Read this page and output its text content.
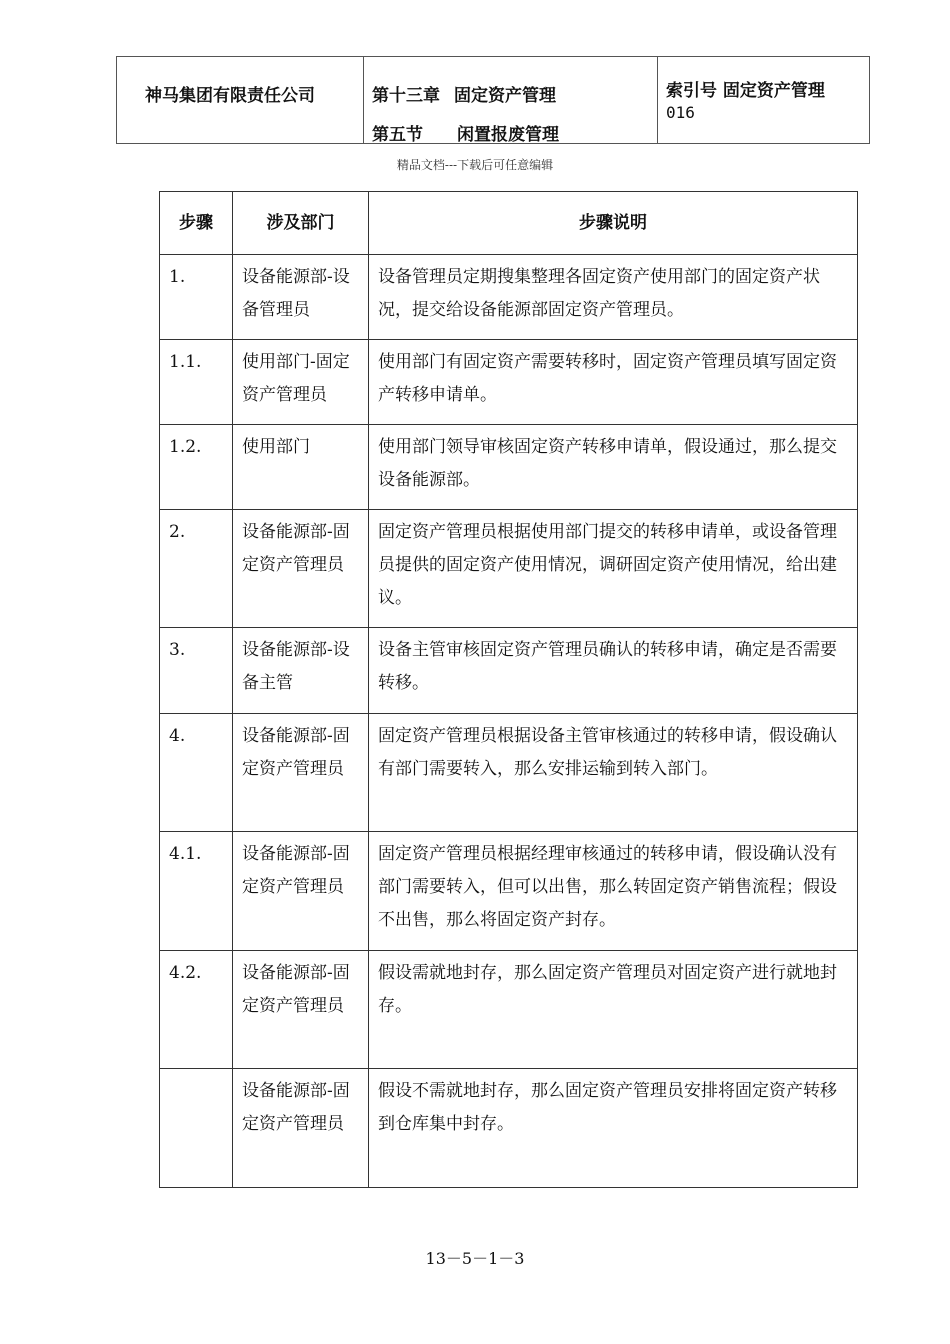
神马集团有限责任公司	第十三章 固定资产管理
第五节 闲置报废管理
索引号 固定资产管理
016
精品文档---下载后可任意编辑
步骤	涉及部门	步骤说明
1.	设备能源部-设备管理员	设备管理员定期搜集整理各固定资产使用部门的固定资产状况，提交给设备能源部固定资产管理员。
1.1.	使用部门-固定资产管理员	使用部门有固定资产需要转移时，固定资产管理员填写固定资产转移申请单。
1.2.	使用部门	使用部门领导审核固定资产转移申请单，假设通过，那么提交设备能源部。
2.	设备能源部-固定资产管理员	固定资产管理员根据使用部门提交的转移申请单，或设备管理员提供的固定资产使用情况，调研固定资产使用情况，给出建议。
3.	设备能源部-设备主管	设备主管审核固定资产管理员确认的转移申请，确定是否需要转移。
4.	设备能源部-固定资产管理员	固定资产管理员根据设备主管审核通过的转移申请，假设确认有部门需要转入，那么安排运输到转入部门。
4.1.	设备能源部-固定资产管理员	固定资产管理员根据经理审核通过的转移申请，假设确认没有部门需要转入，但可以出售，那么转固定资产销售流程；假设不出售，那么将固定资产封存。
4.2.	设备能源部-固定资产管理员	假设需就地封存，那么固定资产管理员对固定资产进行就地封存。
	设备能源部-固定资产管理员	假设不需就地封存，那么固定资产管理员安排将固定资产转移到仓库集中封存。
13－5－1－3
